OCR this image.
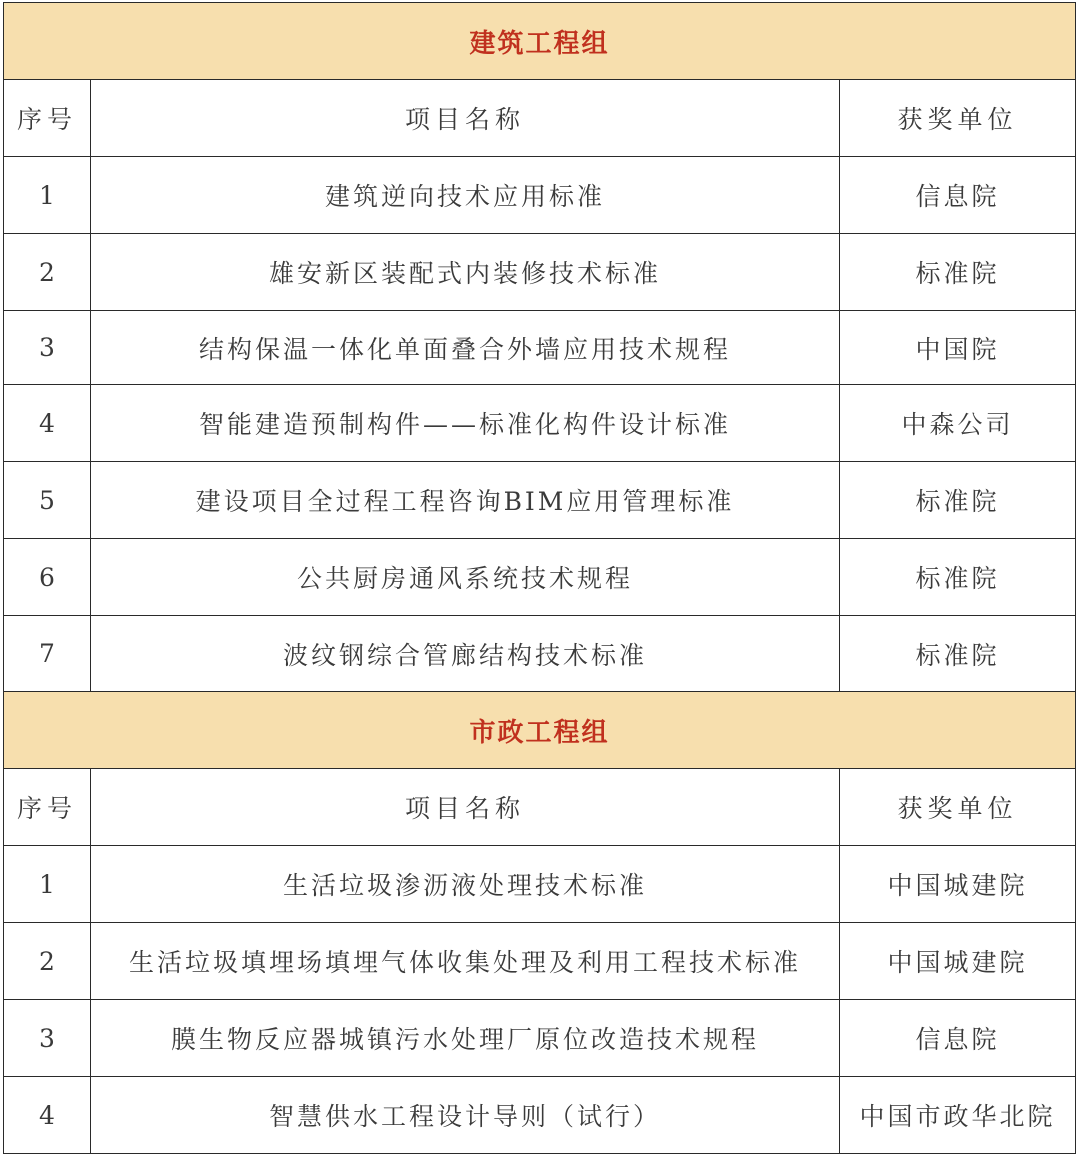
建筑工程组		
序号	项目名称	获奖单位
1	建筑逆向技术应用标准	信息院
2	雄安新区装配式内装修技术标准	标准院
3	结构保温一体化单面叠合外墙应用技术规程	中国院
4	智能建造预制构件——标准化构件设计标准	中森公司
5	建设项目全过程工程咨询BIM应用管理标准	标准院
6	公共厨房通风系统技术规程	标准院
7	波纹钢综合管廊结构技术标准	标准院
市政工程组		
序号	项目名称	获奖单位
1	生活垃圾渗沥液处理技术标准	中国城建院
2	生活垃圾填埋场填埋气体收集处理及利用工程技术标准	中国城建院
3	膜生物反应器城镇污水处理厂原位改造技术规程	信息院
4	智慧供水工程设计导则（试行）	中国市政华北院
